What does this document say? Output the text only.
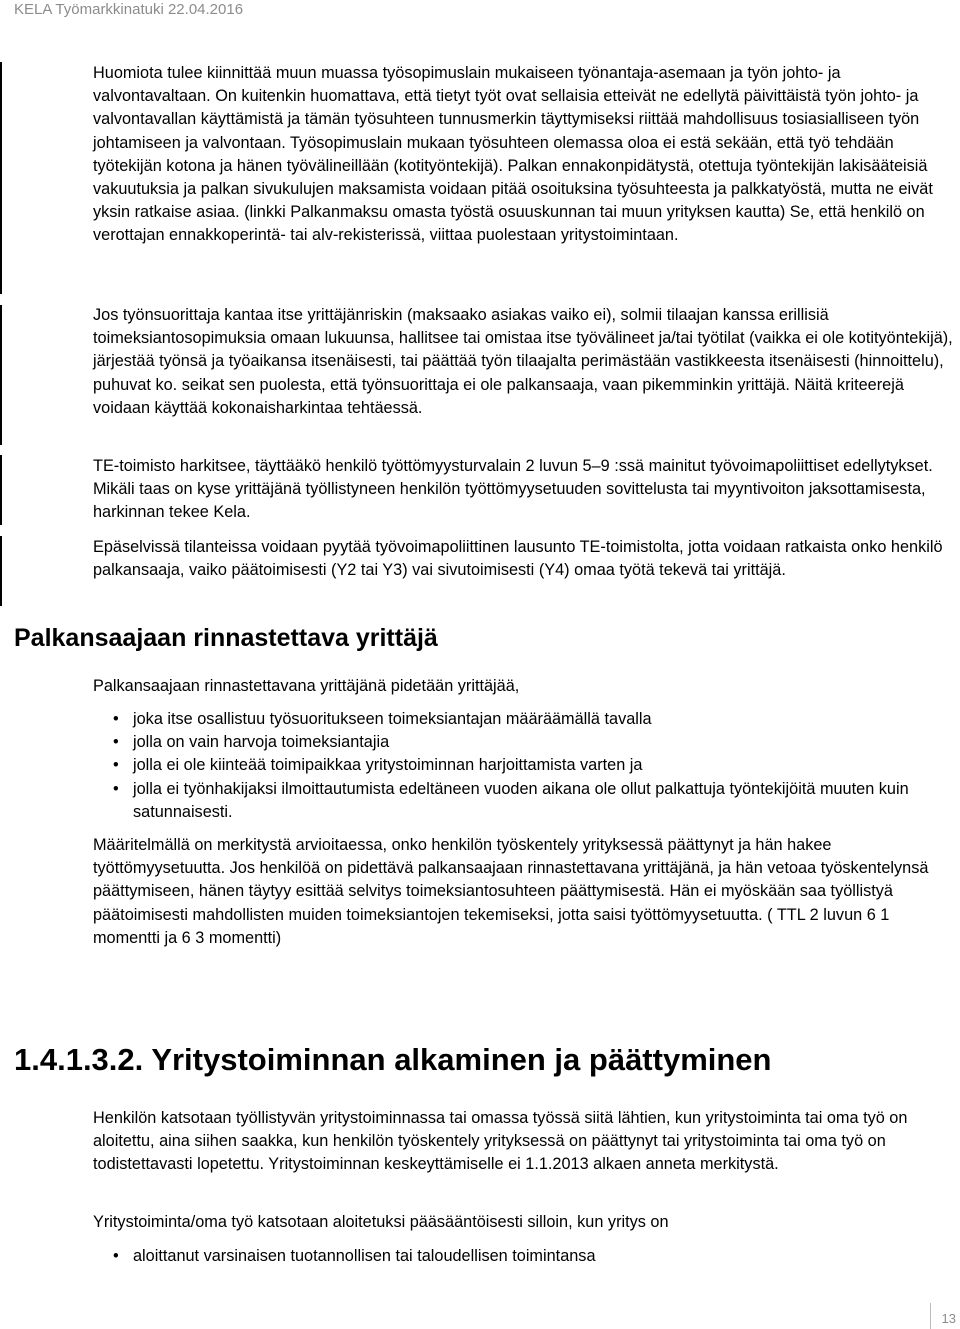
KELA Työmarkkinatuki 22.04.2016

Huomiota tulee kiinnittää muun muassa työsopimuslain mukaiseen työnantaja-asemaan ja työn johto- ja valvontavaltaan. On kuitenkin huomattava, että tietyt työt ovat sellaisia etteivät ne edellytä päivittäistä työn johto- ja valvontavallan käyttämistä ja tämän työsuhteen tunnusmerkin täyttymiseksi riittää mahdollisuus tosiasialliseen työn johtamiseen ja valvontaan. Työsopimuslain mukaan työsuhteen olemassa oloa ei estä sekään, että työ tehdään työtekijän kotona ja hänen työvälineillään (kotityöntekijä). Palkan ennakonpidätystä, otettuja työntekijän lakisääteisiä vakuutuksia ja palkan sivukulujen maksamista voidaan pitää osoituksina työsuhteesta ja palkkatyöstä, mutta ne eivät yksin ratkaise asiaa. (linkki Palkanmaksu omasta työstä osuuskunnan tai muun yrityksen kautta) Se, että henkilö on verottajan ennakkoperintä- tai alv-rekisterissä, viittaa puolestaan yritystoimintaan.

Jos työnsuorittaja kantaa itse yrittäjänriskin (maksaako asiakas vaiko ei), solmii tilaajan kanssa erillisiä toimeksiantosopimuksia omaan lukuunsa, hallitsee tai omistaa itse työvälineet ja/tai työtilat (vaikka ei ole kotityöntekijä), järjestää työnsä ja työaikansa itsenäisesti, tai päättää työn tilaajalta perimästään vastikkeesta itsenäisesti (hinnoittelu), puhuvat ko. seikat sen puolesta, että työnsuorittaja ei ole palkansaaja, vaan pikemminkin yrittäjä. Näitä kriteerejä voidaan käyttää kokonaisharkintaa tehtäessä.

TE-toimisto harkitsee, täyttääkö henkilö työttömyysturvalain 2 luvun 5–9 :ssä mainitut työvoimapoliittiset edellytykset. Mikäli taas on kyse yrittäjänä työllistyneen henkilön työttömyysetuuden sovittelusta tai myyntivoiton jaksottamisesta, harkinnan tekee Kela.

Epäselvissä tilanteissa voidaan pyytää työvoimapoliittinen lausunto TE-toimistolta, jotta voidaan ratkaista onko henkilö palkansaaja, vaiko päätoimisesti (Y2 tai Y3) vai sivutoimisesti (Y4) omaa työtä tekevä tai yrittäjä.

Palkansaajaan rinnastettava yrittäjä

Palkansaajaan rinnastettavana yrittäjänä pidetään yrittäjää,

• joka itse osallistuu työsuoritukseen toimeksiantajan määräämällä tavalla
• jolla on vain harvoja toimeksiantajia
• jolla ei ole kiinteää toimipaikkaa yritystoiminnan harjoittamista varten ja
• jolla ei työnhakijaksi ilmoittautumista edeltäneen vuoden aikana ole ollut palkattuja työntekijöitä muuten kuin satunnaisesti.

Määritelmällä on merkitystä arvioitaessa, onko henkilön työskentely yrityksessä päättynyt ja hän hakee työttömyysetuutta. Jos henkilöä on pidettävä palkansaajaan rinnastettavana yrittäjänä, ja hän vetoaa työskentelynsä päättymiseen, hänen täytyy esittää selvitys toimeksiantosuhteen päättymisestä. Hän ei myöskään saa työllistyä päätoimisesti mahdollisten muiden toimeksiantojen tekemiseksi, jotta saisi työttömyysetuutta. ( TTL 2 luvun 6 1 momentti ja 6 3 momentti)

1.4.1.3.2. Yritystoiminnan alkaminen ja päättyminen

Henkilön katsotaan työllistyvän yritystoiminnassa tai omassa työssä siitä lähtien, kun yritystoiminta tai oma työ on aloitettu, aina siihen saakka, kun henkilön työskentely yrityksessä on päättynyt tai yritystoiminta tai oma työ on todistettavasti lopetettu. Yritystoiminnan keskeyttämiselle ei 1.1.2013 alkaen anneta merkitystä.

Yritystoiminta/oma työ katsotaan aloitetuksi pääsääntöisesti silloin, kun yritys on

• aloittanut varsinaisen tuotannollisen tai taloudellisen toimintansa
13
